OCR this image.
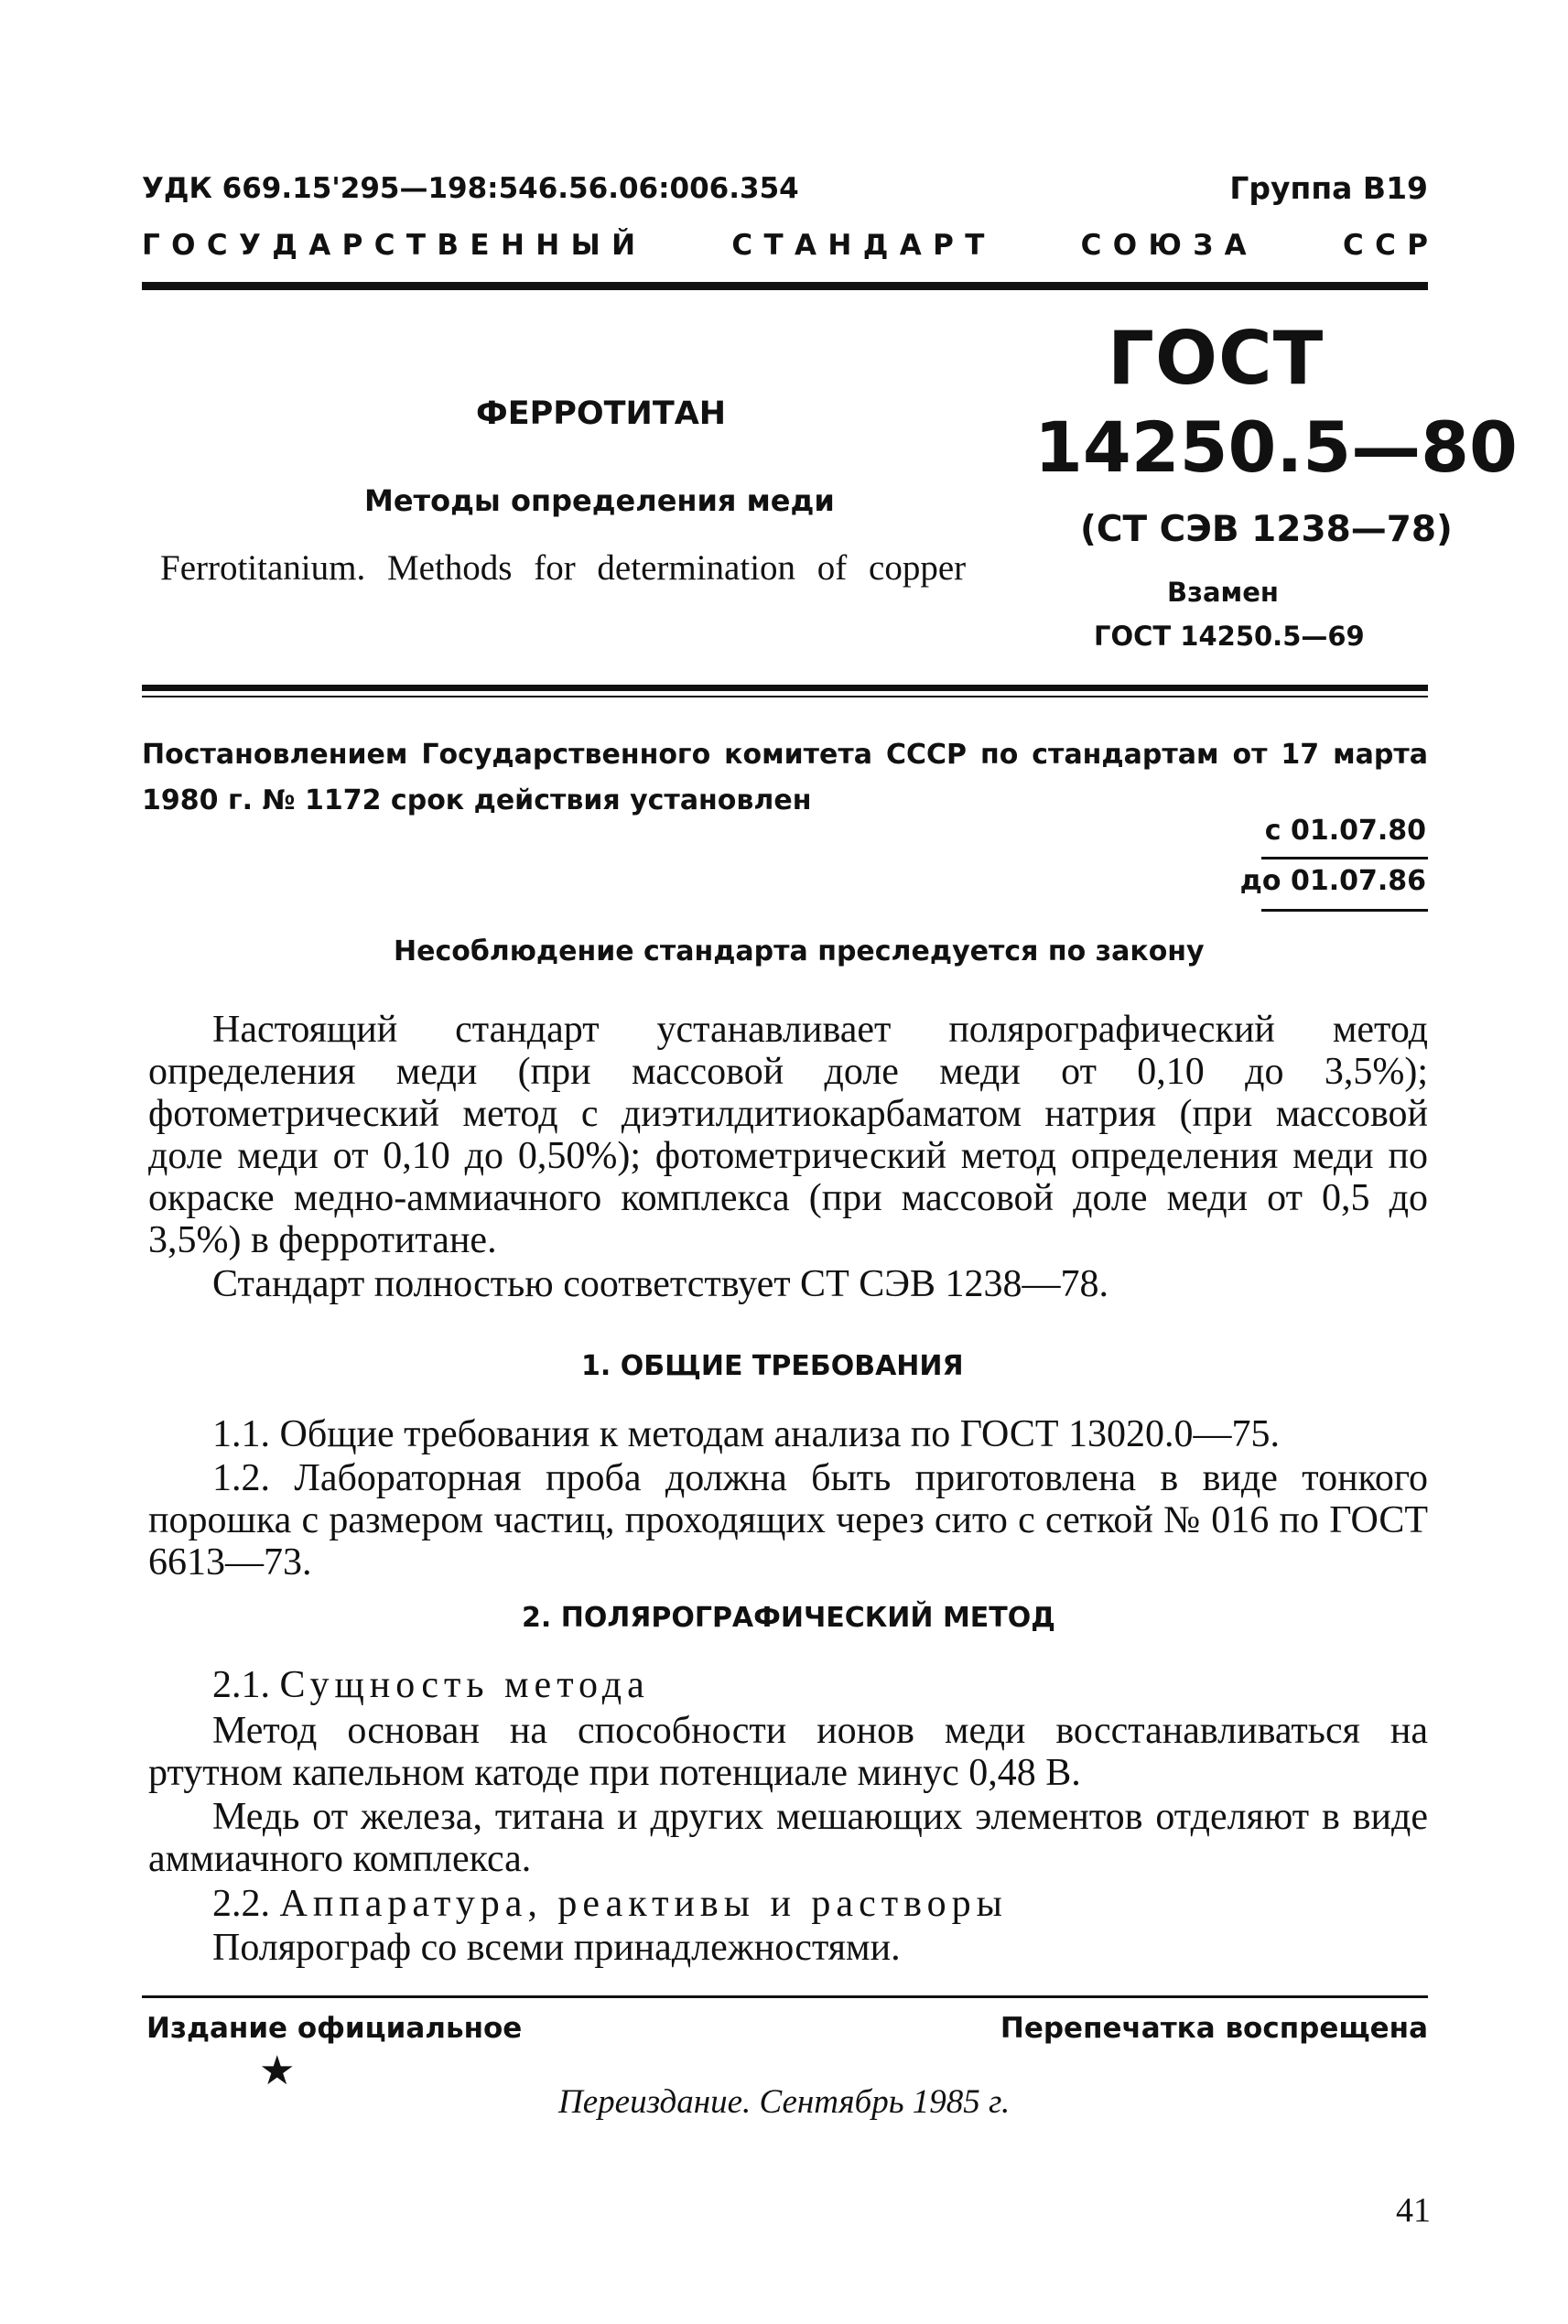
УДК 669.15'295—198:546.56.06:006.354	Группа В19
Г  О  С  У  Д  А  Р  С  Т  В  Е  Н  Н  Ы  Й	С  Т  А  Н  Д  А  Р  Т	С  О  Ю  З  А	С  С  Р
ФЕРРОТИТАН
Методы определения меди
Ferrotitanium. Methods for determination of copper
ГОСТ
14250.5—80
(СТ СЭВ 1238—78)
Взамен
ГОСТ 14250.5—69
Постановлением Государственного комитета СССР по стандартам от 17 марта 1980 г. № 1172 срок действия установлен
с 01.07.80
до 01.07.86
Несоблюдение стандарта преследуется по закону
Настоящий стандарт устанавливает полярографический метод определения меди (при массовой доле меди от 0,10 до 3,5%); фотометрический метод с диэтилдитиокарбаматом натрия (при массовой доле меди от 0,10 до 0,50%); фотометрический метод определения меди по окраске медно-аммиачного комплекса (при массовой доле меди от 0,5 до 3,5%) в ферротитане.
Стандарт полностью соответствует СТ СЭВ 1238—78.
1. ОБЩИЕ ТРЕБОВАНИЯ
1.1. Общие требования к методам анализа по ГОСТ 13020.0—75.
1.2. Лабораторная проба должна быть приготовлена в виде тонкого порошка с размером частиц, проходящих через сито с сеткой № 016 по ГОСТ 6613—73.
2. ПОЛЯРОГРАФИЧЕСКИЙ МЕТОД
2.1. Сущность метода
Метод основан на способности ионов меди восстанавливаться на ртутном капельном катоде при потенциале минус 0,48 В.
Медь от железа, титана и других мешающих элементов отделяют в виде аммиачного комплекса.
2.2. Аппаратура, реактивы и растворы
Полярограф со всеми принадлежностями.
Издание официальное	Перепечатка воспрещена
★
Переиздание. Сентябрь 1985 г.
41
